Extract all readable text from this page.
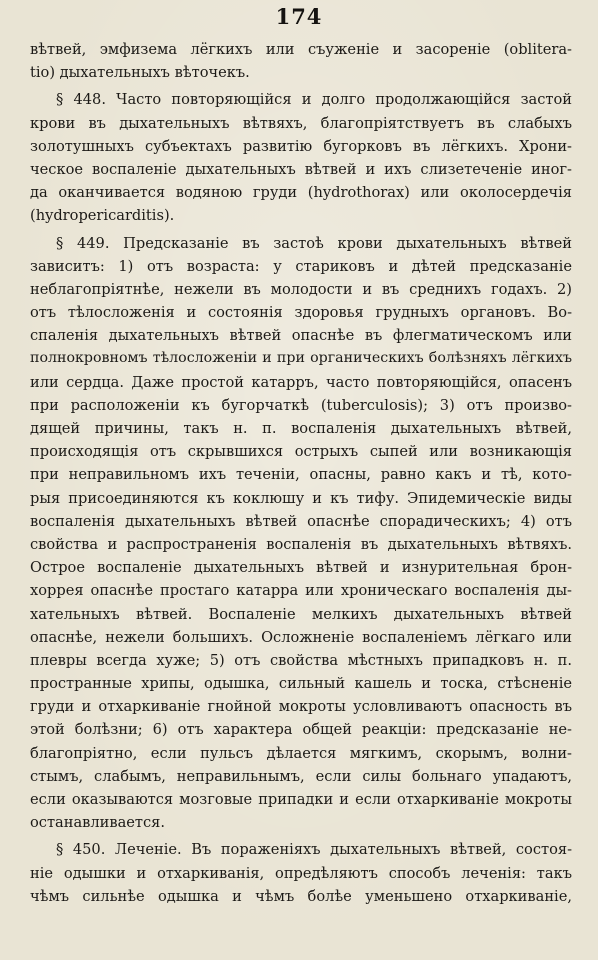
174
вѣтвей, эмфизема лёгкихъ или съуженіе и засореніе (oblitera-
tio) дыхательныхъ вѣточекъ.
§ 448. Часто повторяющійся и долго продолжающійся застой
крови въ дыхательныхъ вѣтвяхъ, благопріятствуетъ въ слабыхъ
золотушныхъ субъектахъ развитію бугорковъ въ лёгкихъ. Хрони-
ческое воспаленіе дыхательныхъ вѣтвей и ихъ слизетеченіе иног-
да оканчивается водяною груди (hydrothorax) или околосердечія
(hydropericarditis).
§ 449. Предсказаніе въ застоѣ крови дыхательныхъ вѣтвей
зависитъ: 1) отъ возраста: у стариковъ и дѣтей предсказаніе
неблагопріятнѣе, нежели въ молодости и въ среднихъ годахъ. 2)
отъ тѣлосложенія и состоянія здоровья грудныхъ органовъ. Во-
спаленія дыхательныхъ вѣтвей опаснѣе въ флегматическомъ или
полнокровномъ тѣлосложеніи и при органическихъ болѣзняхъ лёгкихъ
или сердца. Даже простой катарръ, часто повторяющійся, опасенъ
при расположеніи къ бугорчаткѣ (tuberculosis); 3) отъ произво-
дящей причины, такъ н. п. воспаленія дыхательныхъ вѣтвей,
происходящія отъ скрывшихся острыхъ сыпей или возникающія
при неправильномъ ихъ теченіи, опасны, равно какъ и тѣ, кото-
рыя присоединяются къ коклюшу и къ тифу. Эпидемическіе виды
воспаленія дыхательныхъ вѣтвей опаснѣе спорадическихъ; 4) отъ
свойства и распространенія воспаленія въ дыхательныхъ вѣтвяхъ.
Острое воспаленіе дыхательныхъ вѣтвей и изнурительная брон-
хоррея опаснѣе простаго катарра или хроническаго воспаленія ды-
хательныхъ вѣтвей. Воспаленіе мелкихъ дыхательныхъ вѣтвей
опаснѣе, нежели большихъ. Осложненіе воспаленіемъ лёгкаго или
плевры всегда хуже; 5) отъ свойства мѣстныхъ припадковъ н. п.
пространные хрипы, одышка, сильный кашель и тоска, стѣсненіе
груди и отхаркиваніе гнойной мокроты условливаютъ опасность въ
этой болѣзни; 6) отъ характера общей реакціи: предсказаніе не-
благопріятно, если пульсъ дѣлается мягкимъ, скорымъ, волни-
стымъ, слабымъ, неправильнымъ, если силы больнаго упадаютъ,
если оказываются мозговые припадки и если отхаркиваніе мокроты
останавливается.
§ 450. Леченіе. Въ пораженіяхъ дыхательныхъ вѣтвей, состоя-
ніе одышки и отхаркиванія, опредѣляютъ способъ леченія: такъ
чѣмъ сильнѣе одышка и чѣмъ болѣе уменьшено отхаркиваніе,
